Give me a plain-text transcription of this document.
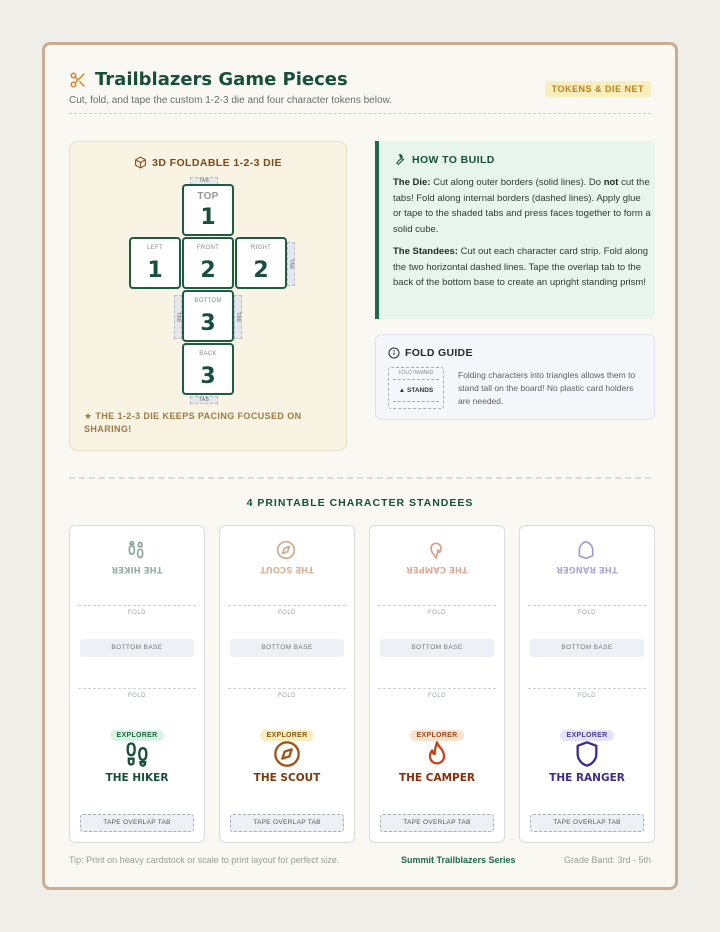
Trailblazers Game Pieces
Cut, fold, and tape the custom 1-2-3 die and four character tokens below.
TOKENS & DIE NET
3D FOLDABLE 1-2-3 DIE
TAB
TAB
TAB	TAB
TAB
TOP
1
LEFT
1
FRONT
2
RIGHT
2
BOTTOM
3
BACK
3
★ THE 1-2-3 DIE KEEPS PACING FOCUSED ON SHARING!
HOW TO BUILD

The Die: Cut along outer borders (solid lines). Do not cut the tabs! Fold along internal borders (dashed lines). Apply glue or tape to the shaded tabs and press faces together to form a solid cube.

The Standees: Cut out each character card strip. Fold along the two horizontal dashed lines. Tape the overlap tab to the back of the bottom base to create an upright standing prism!

FOLD GUIDE
FOLD INWARD
▲ STANDS
Folding characters into triangles allows them to stand tall on the board! No plastic card holders are needed.
4 PRINTABLE CHARACTER STANDEES
THE HIKER
FOLD
BOTTOM BASE
FOLD
EXPLORER
THE HIKER
TAPE OVERLAP TAB
THE SCOUT
FOLD
BOTTOM BASE
FOLD
EXPLORER
THE SCOUT
TAPE OVERLAP TAB
THE CAMPER
FOLD
BOTTOM BASE
FOLD
EXPLORER
THE CAMPER
TAPE OVERLAP TAB
THE RANGER
FOLD
BOTTOM BASE
FOLD
EXPLORER
THE RANGER
TAPE OVERLAP TAB
Tip: Print on heavy cardstock or scale to print layout for perfect size.	Summit Trailblazers Series	Grade Band: 3rd - 5th
